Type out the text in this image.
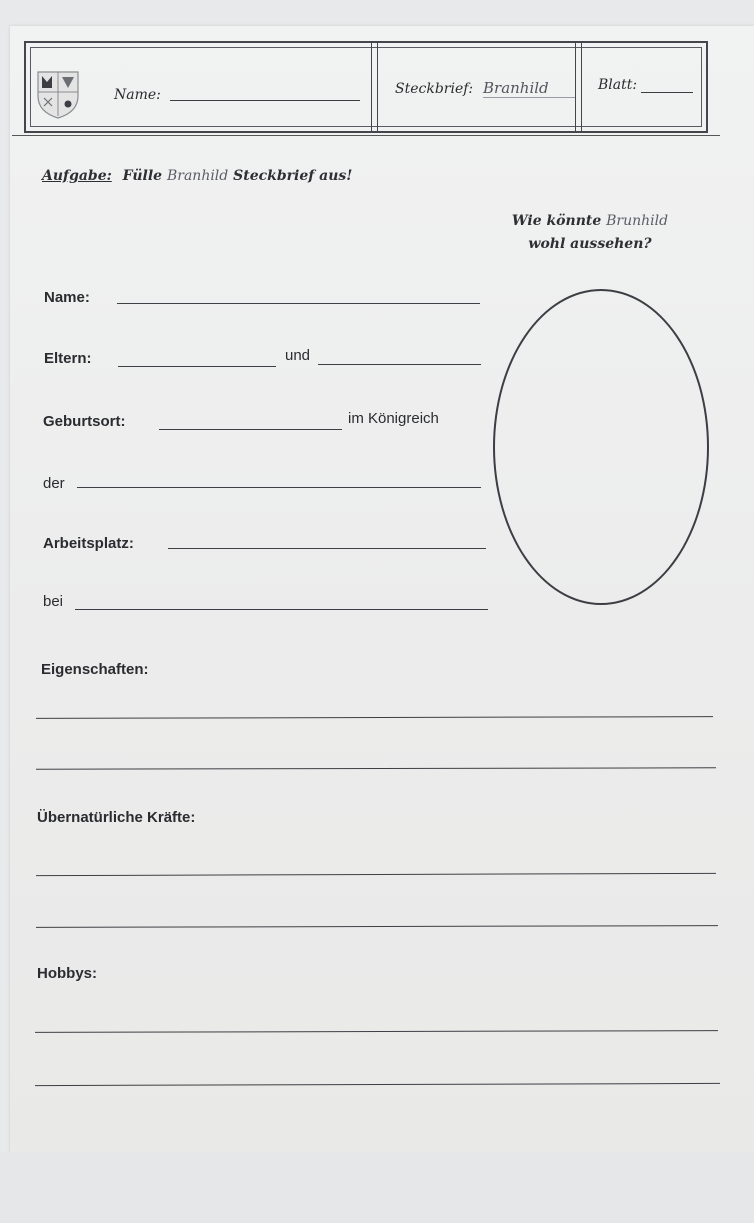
Name:	Steckbrief: Branhild	Blatt:
Aufgabe: Fülle Branhild Steckbrief aus!
Wie könnte Brunhild
wohl aussehen?
Name:
Eltern:	und
Geburtsort:	im Königreich
der
Arbeitsplatz:
bei
Eigenschaften:
Übernatürliche Kräfte:
Hobbys:
